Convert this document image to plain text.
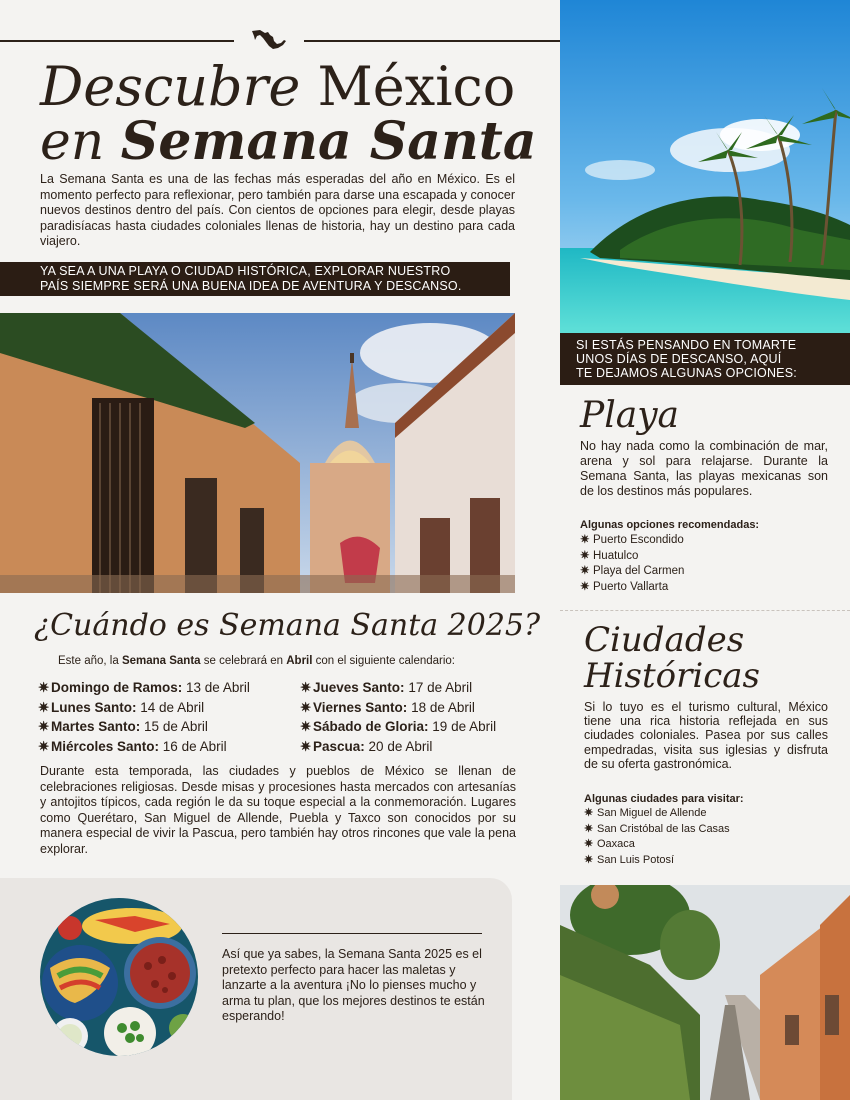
Descubre México
en Semana Santa

La Semana Santa es una de las fechas más esperadas del año en México. Es el momento perfecto para reflexionar, pero también para darse una escapada y conocer nuevos destinos dentro del país. Con cientos de opciones para elegir, desde playas paradisíacas hasta ciudades coloniales llenas de historia, hay un destino para cada viajero.

YA SEA A UNA PLAYA O CIUDAD HISTÓRICA, EXPLORAR NUESTRO
PAÍS SIEMPRE SERÁ UNA BUENA IDEA DE AVENTURA Y DESCANSO.
SI ESTÁS PENSANDO EN TOMARTE
UNOS DÍAS DE DESCANSO, AQUÍ
TE DEJAMOS ALGUNAS OPCIONES:
Playa

No hay nada como la combinación de mar, arena y sol para relajarse. Durante la Semana Santa, las playas mexicanas son de los destinos más populares.

Algunas opciones recomendadas:
✷ Puerto Escondido
✷ Huatulco
✷ Playa del Carmen
✷ Puerto Vallarta
Ciudades
Históricas

Si lo tuyo es el turismo cultural, México tiene una rica historia reflejada en sus ciudades coloniales. Pasea por sus calles empedradas, visita sus iglesias y disfruta de su oferta gastronómica.

Algunas ciudades para visitar:
✷ San Miguel de Allende
✷ San Cristóbal de las Casas
✷ Oaxaca
✷ San Luis Potosí
¿Cuándo es Semana Santa 2025?
Este año, la Semana Santa se celebrará en Abril con el siguiente calendario:
✷ Domingo de Ramos: 13 de Abril
✷ Lunes Santo: 14 de Abril
✷ Martes Santo: 15 de Abril
✷ Miércoles Santo: 16 de Abril
✷ Jueves Santo: 17 de Abril
✷ Viernes Santo: 18 de Abril
✷ Sábado de Gloria: 19 de Abril
✷ Pascua: 20 de Abril

Durante esta temporada, las ciudades y pueblos de México se llenan de celebraciones religiosas. Desde misas y procesiones hasta mercados con artesanías y antojitos típicos, cada región le da su toque especial a la conmemoración. Lugares como Querétaro, San Miguel de Allende, Puebla y Taxco son conocidos por su manera especial de vivir la Pascua, pero también hay otros rincones que vale la pena explorar.

Así que ya sabes, la Semana Santa 2025 es el pretexto perfecto para hacer las maletas y lanzarte a la aventura ¡No lo pienses mucho y arma tu plan, que los mejores destinos te están esperando!
